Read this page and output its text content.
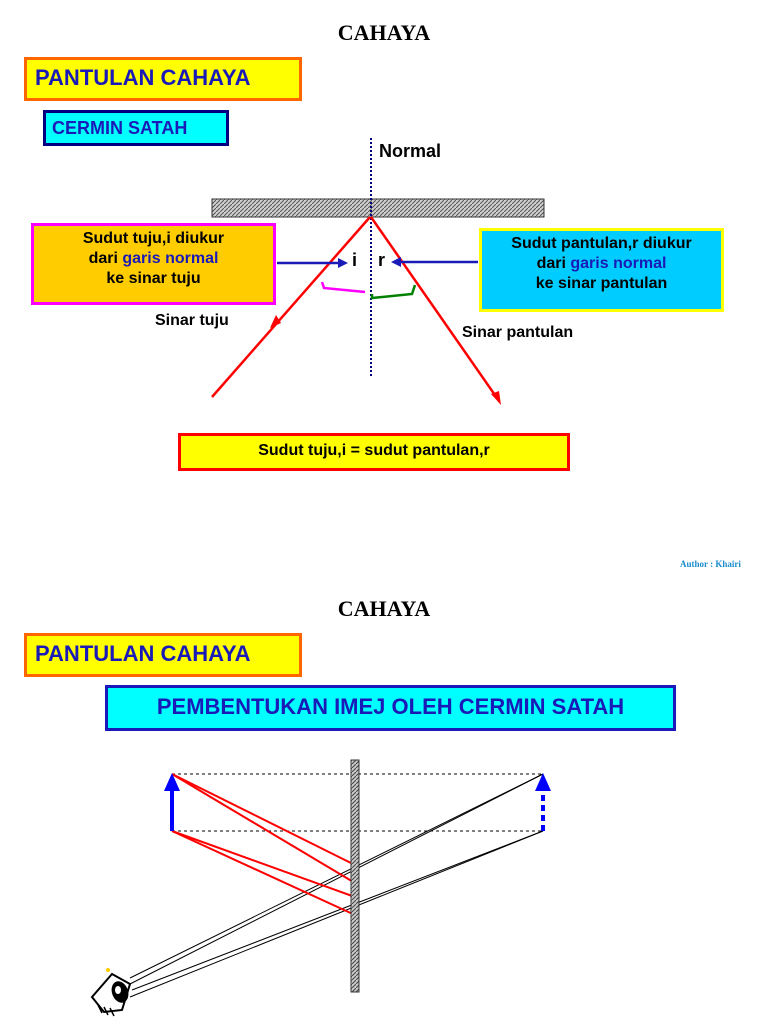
CAHAYA
PANTULAN CAHAYA
CERMIN SATAH
Normal
Sudut tuju,i diukur
dari garis normal
ke sinar tuju
Sudut pantulan,r diukur
dari garis normal
ke sinar pantulan
i r
Sinar tuju
Sinar pantulan
Sudut tuju,i = sudut pantulan,r
Author : Khairi
CAHAYA
PANTULAN CAHAYA
PEMBENTUKAN IMEJ OLEH CERMIN SATAH
